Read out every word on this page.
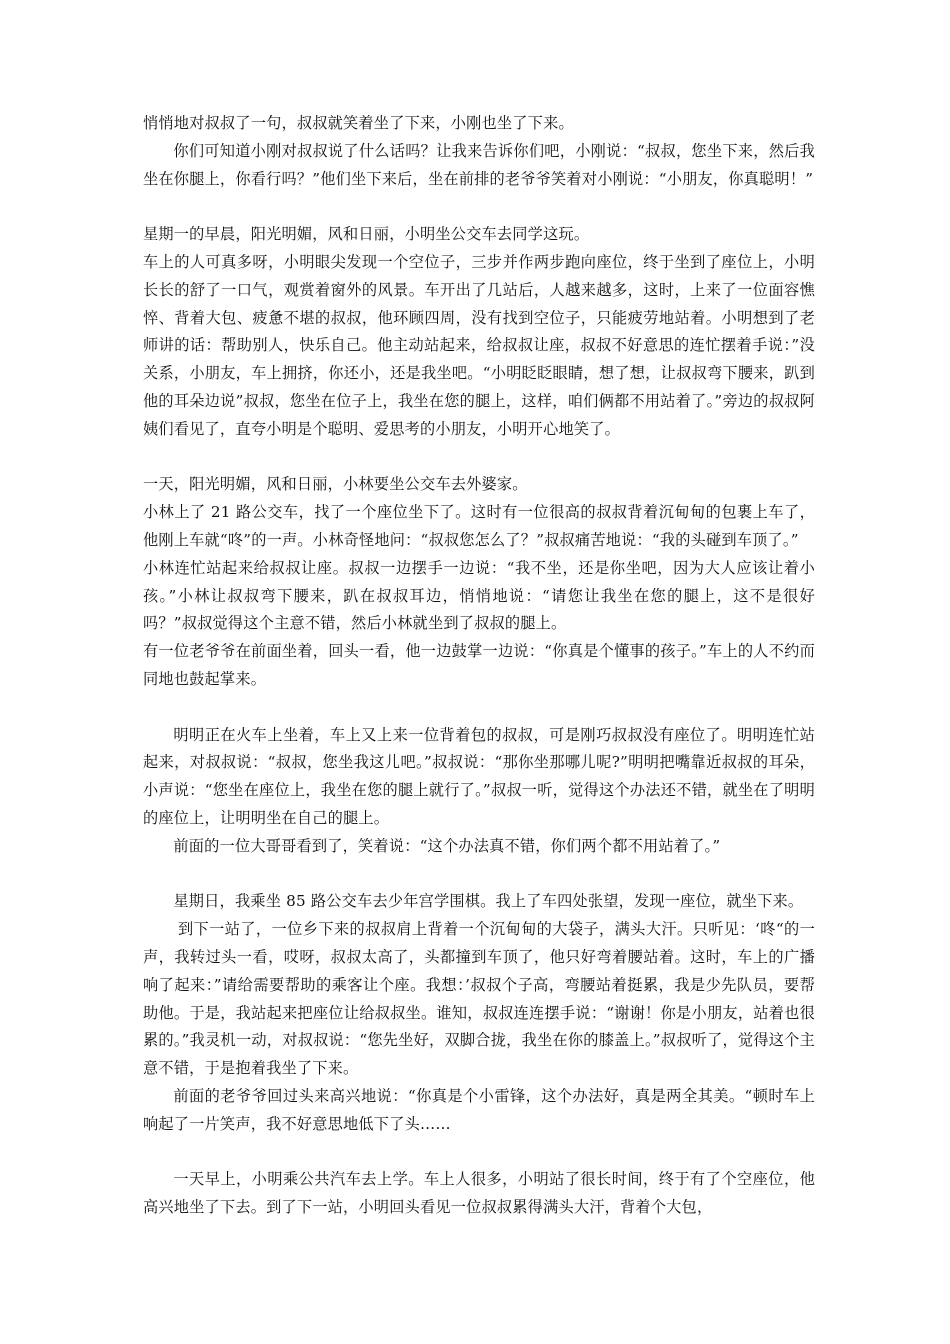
悄悄地对叔叔了一句，叔叔就笑着坐了下来，小刚也坐了下来。

你们可知道小刚对叔叔说了什么话吗？让我来告诉你们吧，小刚说：“叔叔，您坐下来，然后我坐在你腿上，你看行吗？”他们坐下来后，坐在前排的老爷爷笑着对小刚说：“小朋友，你真聪明！”

星期一的早晨，阳光明媚，风和日丽，小明坐公交车去同学这玩。

车上的人可真多呀，小明眼尖发现一个空位子，三步并作两步跑向座位，终于坐到了座位上，小明长长的舒了一口气，观赏着窗外的风景。车开出了几站后，人越来越多，这时，上来了一位面容憔悴、背着大包、疲惫不堪的叔叔，他环顾四周，没有找到空位子，只能疲劳地站着。小明想到了老师讲的话：帮助别人，快乐自己。他主动站起来，给叔叔让座，叔叔不好意思的连忙摆着手说：”没关系，小朋友，车上拥挤，你还小，还是我坐吧。“小明眨眨眼睛，想了想，让叔叔弯下腰来，趴到他的耳朵边说”叔叔，您坐在位子上，我坐在您的腿上，这样，咱们俩都不用站着了。”旁边的叔叔阿姨们看见了，直夸小明是个聪明、爱思考的小朋友，小明开心地笑了。

一天，阳光明媚，风和日丽，小林要坐公交车去外婆家。

小林上了 21 路公交车，找了一个座位坐下了。这时有一位很高的叔叔背着沉甸甸的包裹上车了，他刚上车就“咚”的一声。小林奇怪地问：“叔叔您怎么了？”叔叔痛苦地说：“我的头碰到车顶了。”

小林连忙站起来给叔叔让座。叔叔一边摆手一边说：“我不坐，还是你坐吧，因为大人应该让着小孩。”小林让叔叔弯下腰来，趴在叔叔耳边，悄悄地说：“请您让我坐在您的腿上，这不是很好吗？”叔叔觉得这个主意不错，然后小林就坐到了叔叔的腿上。

有一位老爷爷在前面坐着，回头一看，他一边鼓掌一边说：“你真是个懂事的孩子。”车上的人不约而同地也鼓起掌来。

明明正在火车上坐着，车上又上来一位背着包的叔叔，可是刚巧叔叔没有座位了。明明连忙站起来，对叔叔说：“叔叔，您坐我这儿吧。”叔叔说：“那你坐那哪儿呢?”明明把嘴靠近叔叔的耳朵，小声说：“您坐在座位上，我坐在您的腿上就行了。”叔叔一听，觉得这个办法还不错，就坐在了明明的座位上，让明明坐在自己的腿上。

前面的一位大哥哥看到了，笑着说：“这个办法真不错，你们两个都不用站着了。”

星期日，我乘坐 85 路公交车去少年宫学围棋。我上了车四处张望，发现一座位，就坐下来。

到下一站了，一位乡下来的叔叔肩上背着一个沉甸甸的大袋子，满头大汗。只听见：‘咚“的一声，我转过头一看，哎呀，叔叔太高了，头都撞到车顶了，他只好弯着腰站着。这时，车上的广播响了起来：”请给需要帮助的乘客让个座。我想：’叔叔个子高，弯腰站着挺累，我是少先队员，要帮助他。于是，我站起来把座位让给叔叔坐。谁知，叔叔连连摆手说：“谢谢！你是小朋友，站着也很累的。”我灵机一动，对叔叔说：“您先坐好，双脚合拢，我坐在你的膝盖上。”叔叔听了，觉得这个主意不错，于是抱着我坐了下来。

前面的老爷爷回过头来高兴地说：“你真是个小雷锋，这个办法好，真是两全其美。“顿时车上响起了一片笑声，我不好意思地低下了头……

一天早上，小明乘公共汽车去上学。车上人很多，小明站了很长时间，终于有了个空座位，他高兴地坐了下去。到了下一站，小明回头看见一位叔叔累得满头大汗，背着个大包，
